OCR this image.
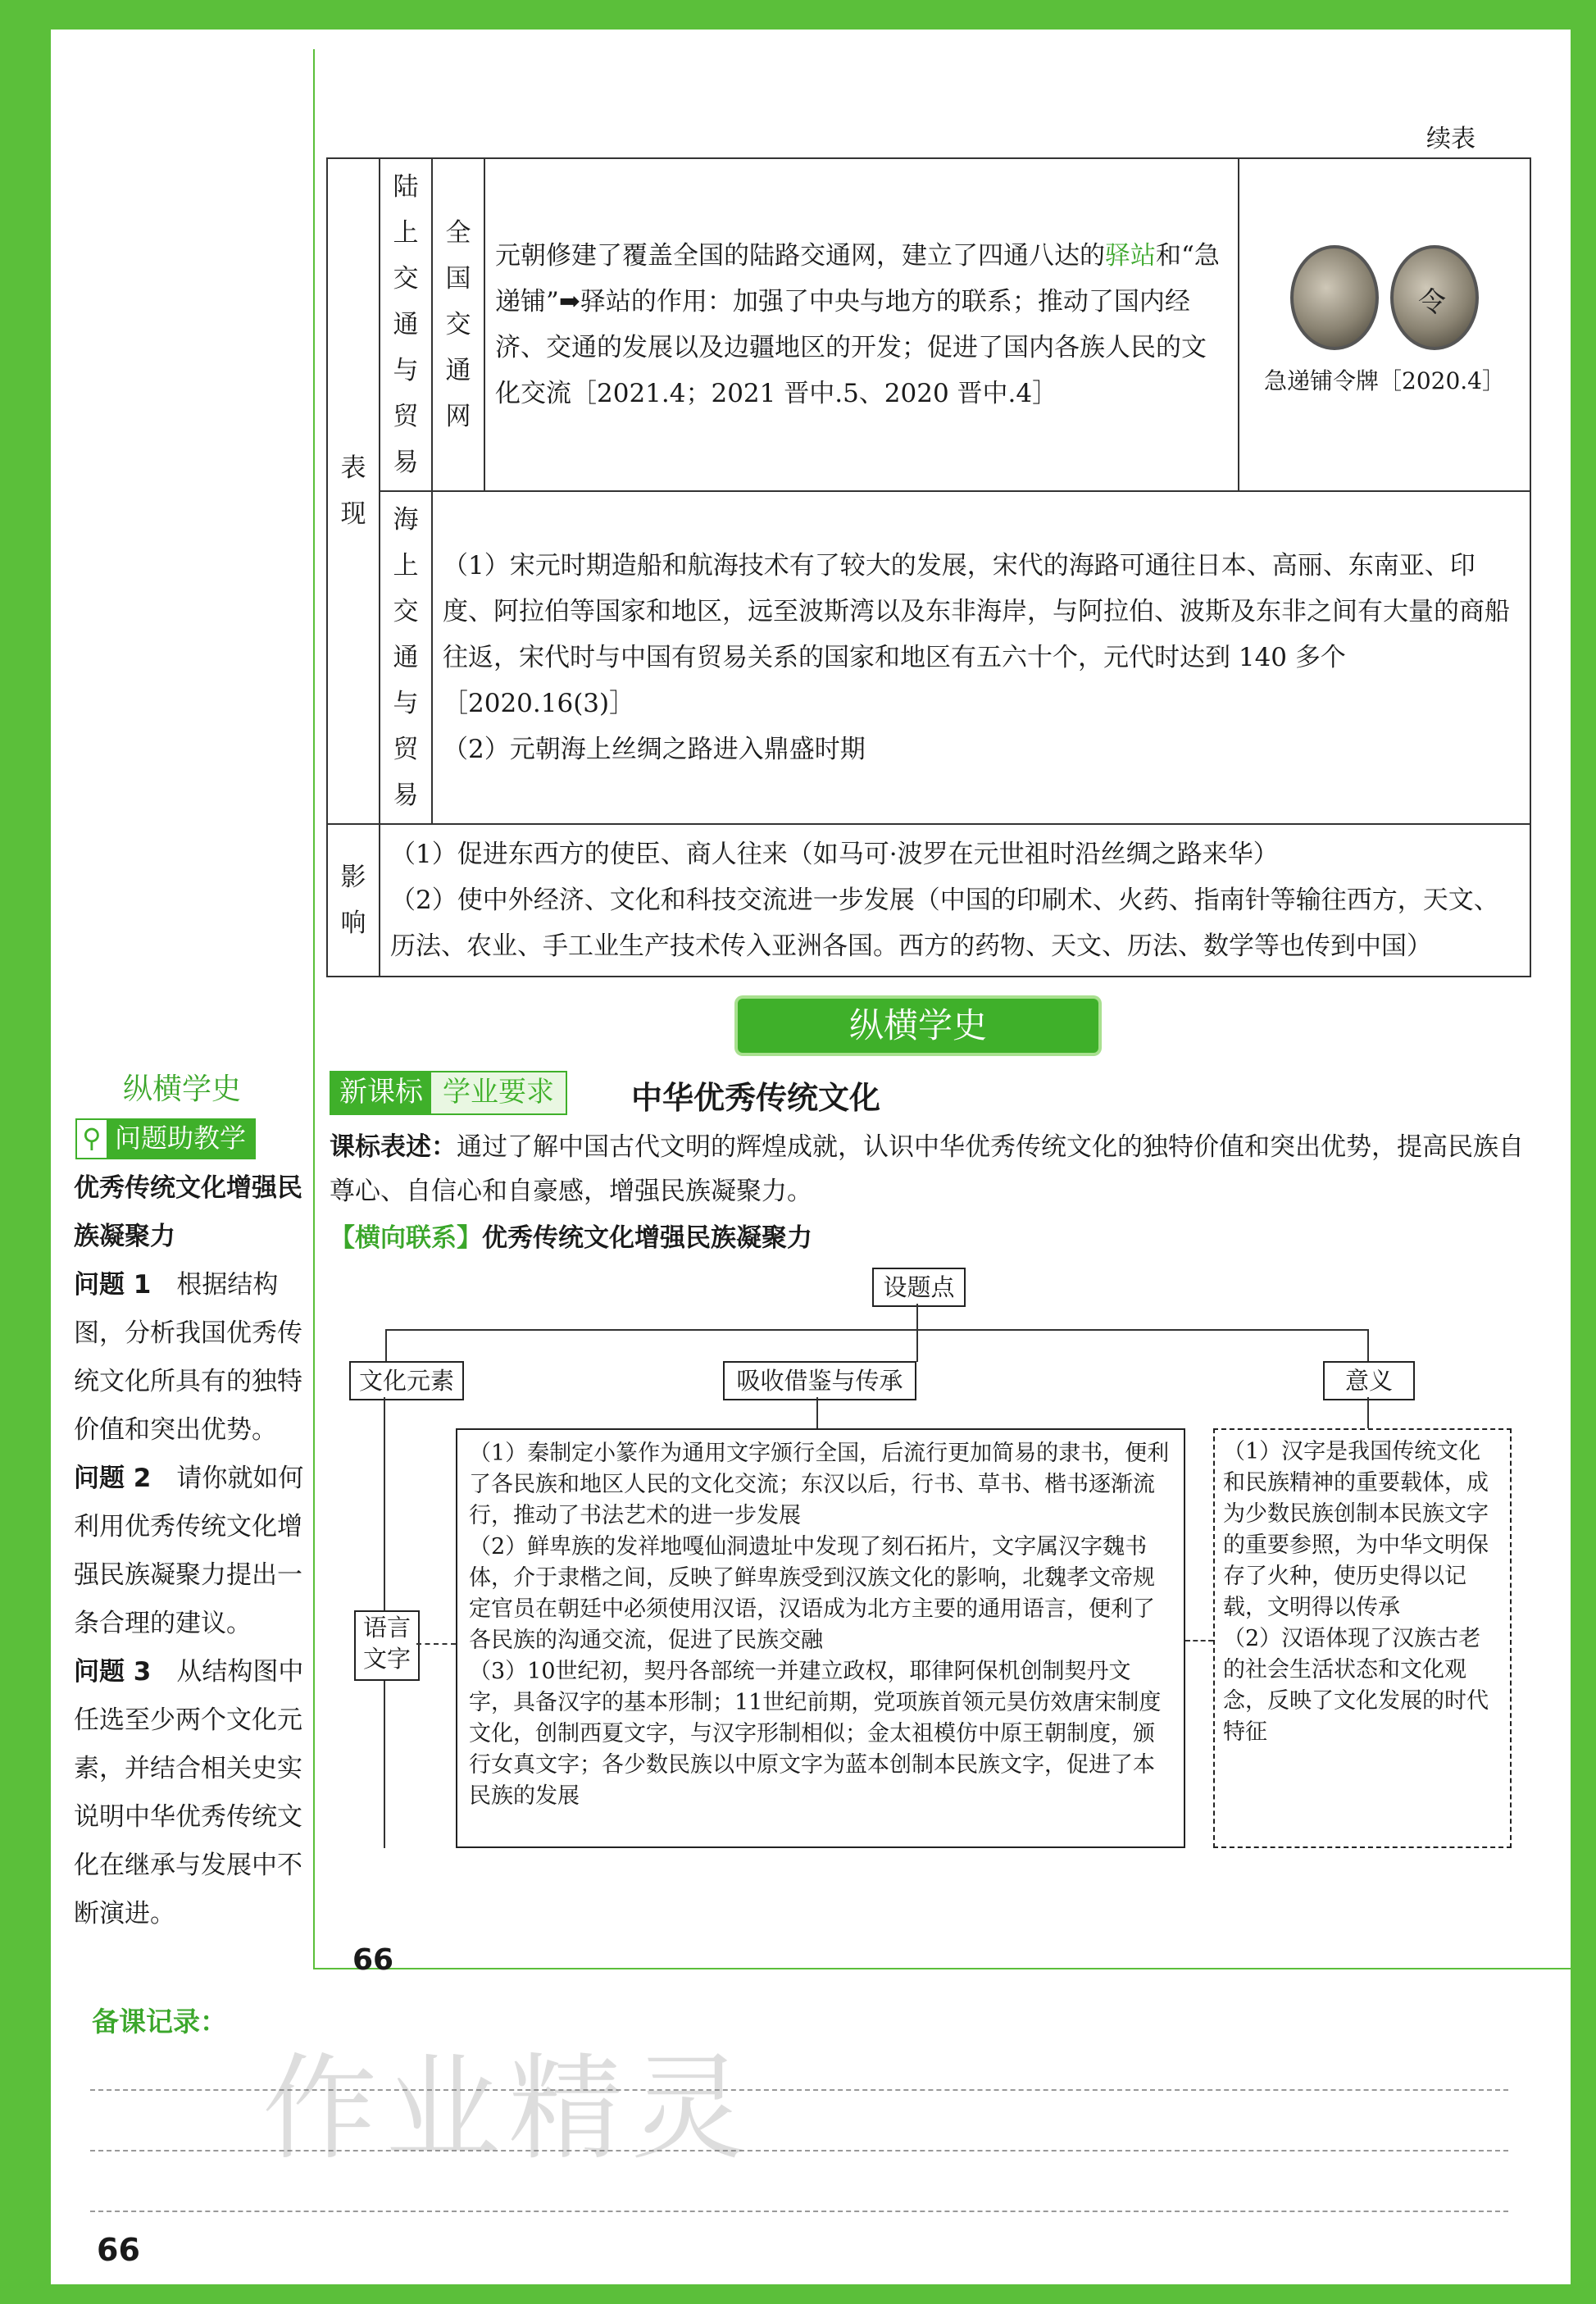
续表
表现	陆上交通与贸易	全国交通网	元朝修建了覆盖全国的陆路交通网，建立了四通八达的驿站和“急递铺”➡驿站的作用：加强了中央与地方的联系；推动了国内经济、交通的发展以及边疆地区的开发；促进了国内各族人民的文化交流［2021.4；2021 晋中.5、2020 晋中.4］	令
急递铺令牌［2020.4］

	海上交通与贸易	（1）宋元时期造船和航海技术有了较大的发展，宋代的海路可通往日本、高丽、东南亚、印度、阿拉伯等国家和地区，远至波斯湾以及东非海岸，与阿拉伯、波斯及东非之间有大量的商船往返，宋代时与中国有贸易关系的国家和地区有五六十个，元代时达到 140 多个［2020.16(3)］
（2）元朝海上丝绸之路进入鼎盛时期		

影响	（1）促进东西方的使臣、商人往来（如马可·波罗在元世祖时沿丝绸之路来华）
（2）使中外经济、文化和科技交流进一步发展（中国的印刷术、火药、指南针等输往西方，天文、历法、农业、手工业生产技术传入亚洲各国。西方的药物、天文、历法、数学等也传到中国）			
纵横学史
新课标 学业要求	中华优秀传统文化
课标表述：通过了解中国古代文明的辉煌成就，认识中华优秀传统文化的独特价值和突出优势，提高民族自尊心、自信心和自豪感，增强民族凝聚力。
【横向联系】优秀传统文化增强民族凝聚力
设题点
文化元素	吸收借鉴与传承	意义
语言文字
（1）秦制定小篆作为通用文字颁行全国，后流行更加简易的隶书，便利了各民族和地区人民的文化交流；东汉以后，行书、草书、楷书逐渐流行，推动了书法艺术的进一步发展
（2）鲜卑族的发祥地嘎仙洞遗址中发现了刻石拓片，文字属汉字魏书体，介于隶楷之间，反映了鲜卑族受到汉族文化的影响，北魏孝文帝规定官员在朝廷中必须使用汉语，汉语成为北方主要的通用语言，便利了各民族的沟通交流，促进了民族交融
（3）10世纪初，契丹各部统一并建立政权，耶律阿保机创制契丹文字，具备汉字的基本形制；11世纪前期，党项族首领元昊仿效唐宋制度文化，创制西夏文字，与汉字形制相似；金太祖模仿中原王朝制度，颁行女真文字；各少数民族以中原文字为蓝本创制本民族文字，促进了本民族的发展
（1）汉字是我国传统文化和民族精神的重要载体，成为少数民族创制本民族文字的重要参照，为中华文明保存了火种，使历史得以记载，文明得以传承
（2）汉语体现了汉族古老的社会生活状态和文化观念，反映了文化发展的时代特征
纵横学史
⚲ 问题助教学
优秀传统文化增强民族凝聚力
问题 1　 根据结构图，分析我国优秀传统文化所具有的独特价值和突出优势。
问题 2　 请你就如何利用优秀传统文化增强民族凝聚力提出一条合理的建议。
问题 3　 从结构图中任选至少两个文化元素，并结合相关史实说明中华优秀传统文化在继承与发展中不断演进。
66
备课记录：
作业精灵
66
